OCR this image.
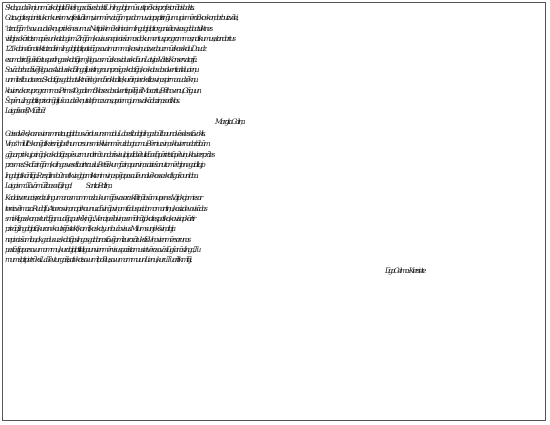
Skola, audzēkņi un mūzika bija lielākie Ingas dzīves balsti. Un Inga bija mūsu stiprākais profesionālais balsts.
Gatavojoties pianistu konkursiem vai festivāliem, vienmēr vaicājām padomu vai apsptiriņājumu piemērotāko skaņdarbu izvēlei,
"atradājām" savu audzēkņu priekšnesumus. Netipiski mākslinieciem Inga bija ļoti organizēta - visas galda atvilktnes
visi bija sakārtots mapēs un katalogiem. Zinājām, ka visus nepieciešamos dokumentus, programmas, notikumus, standartus
121 kabinetā noteikti atradīsim. Inga bija ļoti pateicīga savai mammai, kas viņu aizveda uz mūzikas skolu. Daudz
esam dzirdējuši stāstus par Ingas skolotājiem Jelgavas mūzikas vidusskolā un Latvijas Valsts Konservatorijā.
Savā darba dzīvē Jelgavas 4.vidusskolā Inga lījusi stingra un prasīga skolotāja, ko skolas absolventi ar lielu cieņu
un mīlestību atceras. Skolotājas galda atvilktnē ir leģendāra kladīte, kurā ir pierakstītas viņas pirmoaudzēkņu
klaviervakaru programmas. Prims 40 gadiem 8.klases absolventi spēlējuši Mocartu, Bēthovenu, Grīgu un
Šopēnu... Inga ļoti iepriecināja lījušo audzēkņu telefona zvans, apciemojums vai kāda ziņa soctīklos.
Lai gaišs ceļš Mūžībā!
Margita Galiņa
Gaiss cilvēks, kas neviensm netaupija labus vārdus un smaidu. Labestība bija Ingas būtība un dvēseles stāvoklis.
Viņas "mīlulīt" skanēja tik sirsnīgi, bet humors un smiekli vienmēr uzlaboja omu. Bērni uz viņas klaviernodarbībām
gāja ar prieku, jo zināja, ka skolotāja spēs uzmundrināt un darīs visu, lai palīdzētu lielā ceļā pāriet stāpēt viņu klaviersprāles
prasmes. Skolā zinājām, ka Ingas vesetība ir trauslu. Bet šī skumjā ziņa par viņas aiziešanu tomēr bija negaidīta, jo
Inga bija tik cīnītāja. Par spīti nebūt ne tik vieglajam liktenim viņa spēja pasaulē un cilvēkos saskatīt gaišo un labo.
Lai gaisma Tavā mūžības ceļā, Inga! Sanita Baltiņa
Kad aizveru acis, redzu Ingu manas mammas lauku mājās vasaras klētiņā lasām upenes. Vai jokojamies ar
tereiz vēl mazo Rudolfu. Atceros viņa nopirka un uzdāvināja viņam tādu spaidamo mantiņu, kas izdeva visādas
smieklīgas skaņas - tur bļāja, naudēja, purkšķināja... Vienai pašlai viņas smīdināt, jokoties, patika, ka visi apkārt ir
priecīgi. Inga bija tā, kura nekautrējās teikt, ka mīl, ka skaty un bučo visus. Mīlums un jekš viņai bija
nepieciešamība, cik gadus uz skolotājas Ingas galda nostāvēja mīlzu rozā tukstīs. Viņa vienmēr sarunas
pastāstīja par savu mammu, kura bija ļoti lieliga un vienmēr visus pazīstamus ietvēra savās lūgšanās. Inga, Tu
mums ļoti pietrūksi. Lai Tev tur gaiši, satiekot savu mīļo dēlu, savu mammu un Lienu, kuru Tu arī tik mīlēji.
Līga Celma - Kiersiete
